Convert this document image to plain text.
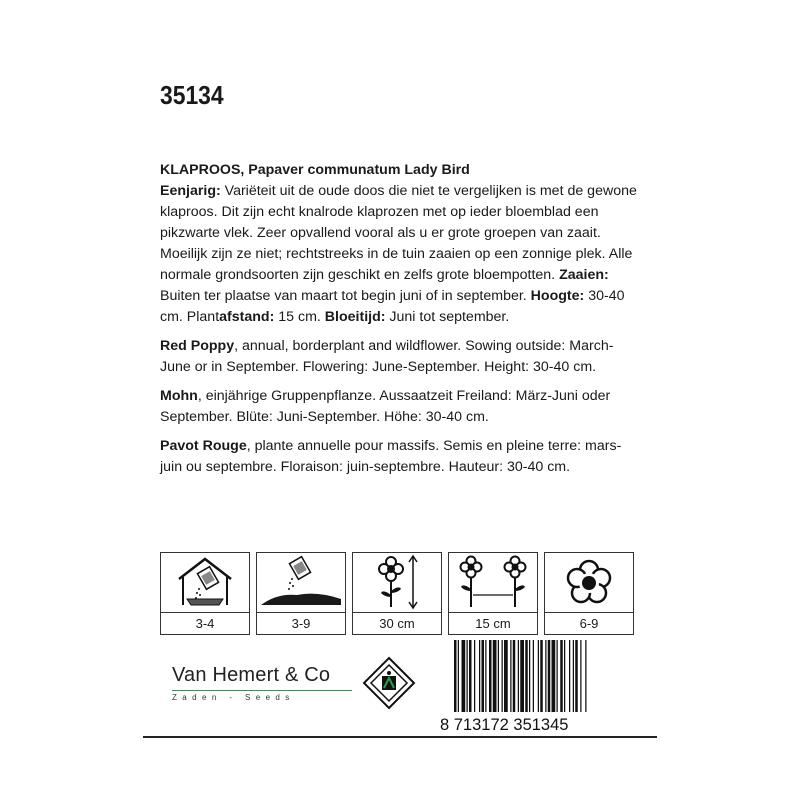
35134

KLAPROOS, Papaver communatum Lady Bird
Eenjarig: Variëteit uit de oude doos die niet te vergelijken is met de gewone klaproos. Dit zijn echt knalrode klaprozen met op ieder bloemblad een pikzwarte vlek. Zeer opvallend vooral als u er grote groepen van zaait. Moeilijk zijn ze niet; rechtstreeks in de tuin zaaien op een zonnige plek. Alle normale grondsoorten zijn geschikt en zelfs grote bloempotten. Zaaien: Buiten ter plaatse van maart tot begin juni of in september. Hoogte: 30-40 cm. Plantafstand: 15 cm. Bloeitijd: Juni tot september.

Red Poppy, annual, borderplant and wildflower. Sowing outside: March-June or in September. Flowering: June-September. Height: 30-40 cm.

Mohn, einjährige Gruppenpflanze. Aussaatzeit Freiland: März-Juni oder September. Blüte: Juni-September. Höhe: 30-40 cm.

Pavot Rouge, plante annuelle pour massifs. Semis en pleine terre: mars-juin ou septembre. Floraison: juin-septembre. Hauteur: 30-40 cm.

3-4	3-9	30 cm	15 cm	6-9
Van Hemert & Co
Zaden - Seeds
8 713172 351345
